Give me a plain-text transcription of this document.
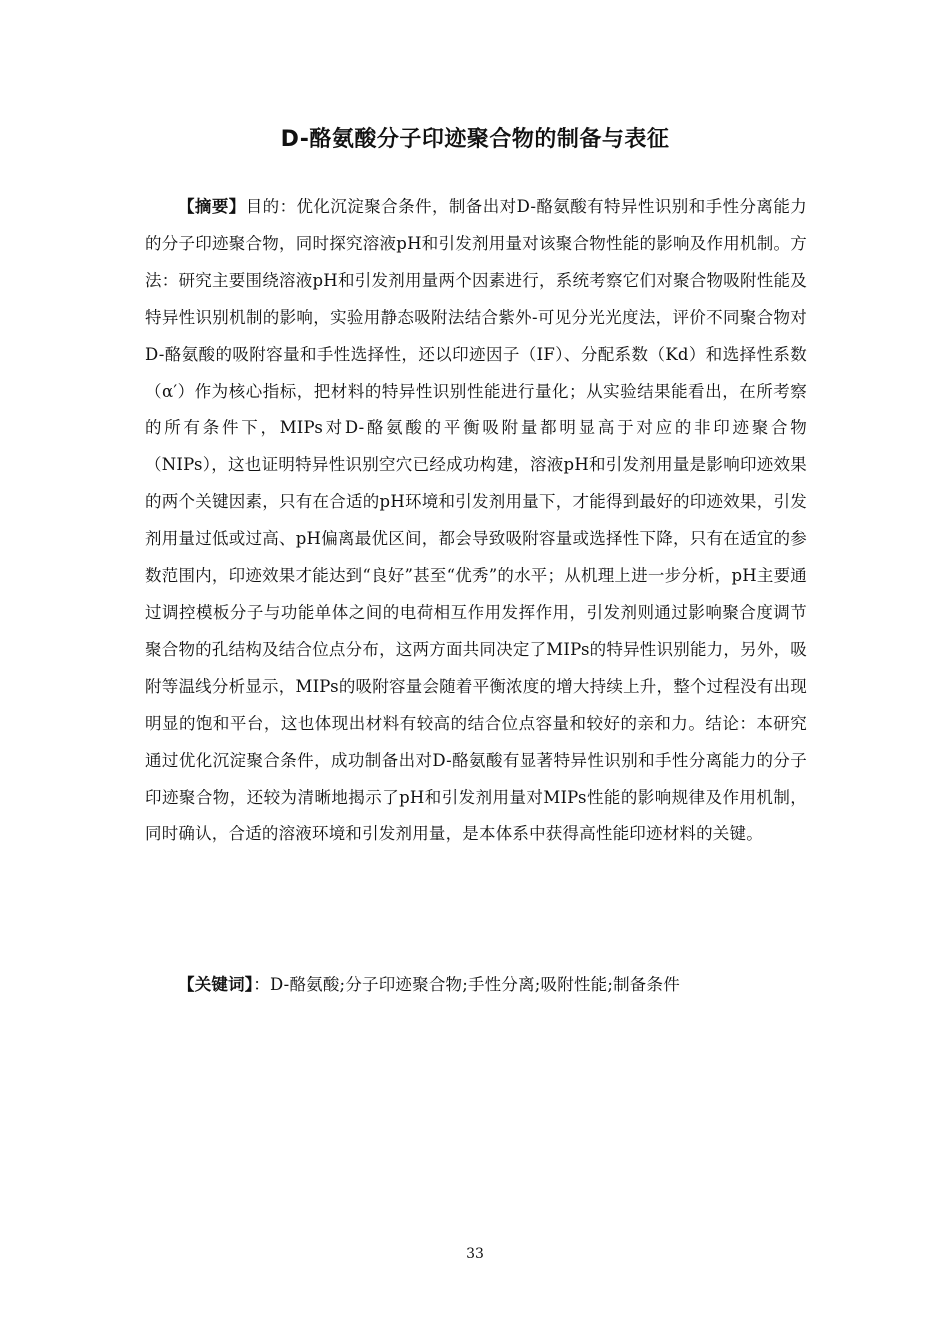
D-酪氨酸分子印迹聚合物的制备与表征

【摘要】目的：优化沉淀聚合条件，制备出对D-酪氨酸有特异性识别和手性分离能力的分子印迹聚合物，同时探究溶液pH和引发剂用量对该聚合物性能的影响及作用机制。方法：研究主要围绕溶液pH和引发剂用量两个因素进行，系统考察它们对聚合物吸附性能及特异性识别机制的影响，实验用静态吸附法结合紫外-可见分光光度法，评价不同聚合物对D-酪氨酸的吸附容量和手性选择性，还以印迹因子（IF）、分配系数（Kd）和选择性系数（α′）作为核心指标，把材料的特异性识别性能进行量化；从实验结果能看出，在所考察的所有条件下，MIPs对D-酪氨酸的平衡吸附量都明显高于对应的非印迹聚合物（NIPs），这也证明特异性识别空穴已经成功构建，溶液pH和引发剂用量是影响印迹效果的两个关键因素，只有在合适的pH环境和引发剂用量下，才能得到最好的印迹效果，引发剂用量过低或过高、pH偏离最优区间，都会导致吸附容量或选择性下降，只有在适宜的参数范围内，印迹效果才能达到“良好”甚至“优秀”的水平；从机理上进一步分析，pH主要通过调控模板分子与功能单体之间的电荷相互作用发挥作用，引发剂则通过影响聚合度调节聚合物的孔结构及结合位点分布，这两方面共同决定了MIPs的特异性识别能力，另外，吸附等温线分析显示，MIPs的吸附容量会随着平衡浓度的增大持续上升，整个过程没有出现明显的饱和平台，这也体现出材料有较高的结合位点容量和较好的亲和力。结论：本研究通过优化沉淀聚合条件，成功制备出对D-酪氨酸有显著特异性识别和手性分离能力的分子印迹聚合物，还较为清晰地揭示了pH和引发剂用量对MIPs性能的影响规律及作用机制，同时确认，合适的溶液环境和引发剂用量，是本体系中获得高性能印迹材料的关键。

【关键词】：D-酪氨酸;分子印迹聚合物;手性分离;吸附性能;制备条件

33
